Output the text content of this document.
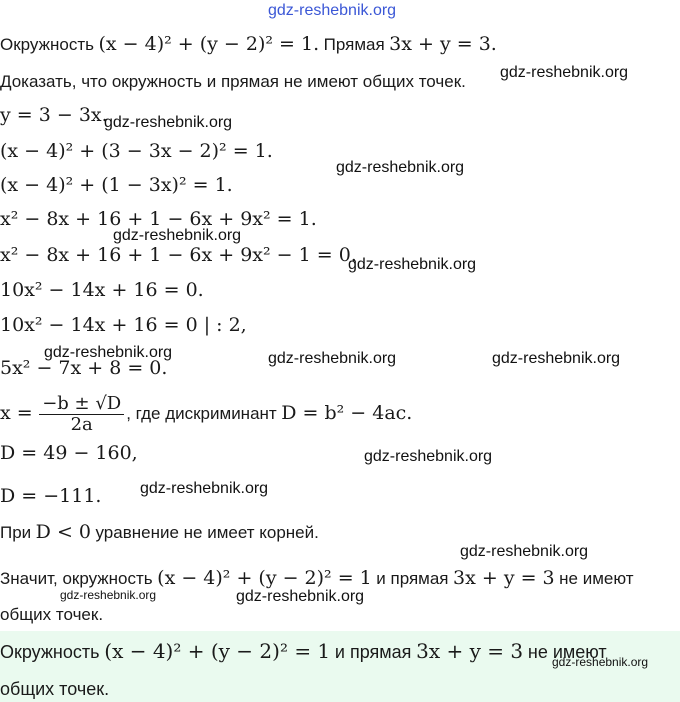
gdz-reshebnik.org
gdz-reshebnik.org
gdz-reshebnik.org
gdz-reshebnik.org
gdz-reshebnik.org
gdz-reshebnik.org
gdz-reshebnik.org	gdz-reshebnik.org	gdz-reshebnik.org
gdz-reshebnik.org
gdz-reshebnik.org
gdz-reshebnik.org
gdz-reshebnik.org	gdz-reshebnik.org
gdz-reshebnik.org
Окружность (x − 4)² + (y − 2)² = 1. Прямая 3x + y = 3.
Доказать, что окружность и прямая не имеют общих точек.
y = 3 − 3x.
(x − 4)² + (3 − 3x − 2)² = 1.
(x − 4)² + (1 − 3x)² = 1.
x² − 8x + 16 + 1 − 6x + 9x² = 1.
x² − 8x + 16 + 1 − 6x + 9x² − 1 = 0.
10x² − 14x + 16 = 0.
10x² − 14x + 16 = 0 | : 2,
5x² − 7x + 8 = 0.
$x = \frac{-b \pm √D}{2a}$ , где дискриминант D = b² − 4ac.
D = 49 − 160,
D = −111.
При D < 0 уравнение не имеет корней.
Значит, окружность (x − 4)² + (y − 2)² = 1 и прямая 3x + y = 3 не имеют
общих точек.
Окружность (x − 4)² + (y − 2)² = 1 и прямая 3x + y = 3 не имеют
общих точек.
